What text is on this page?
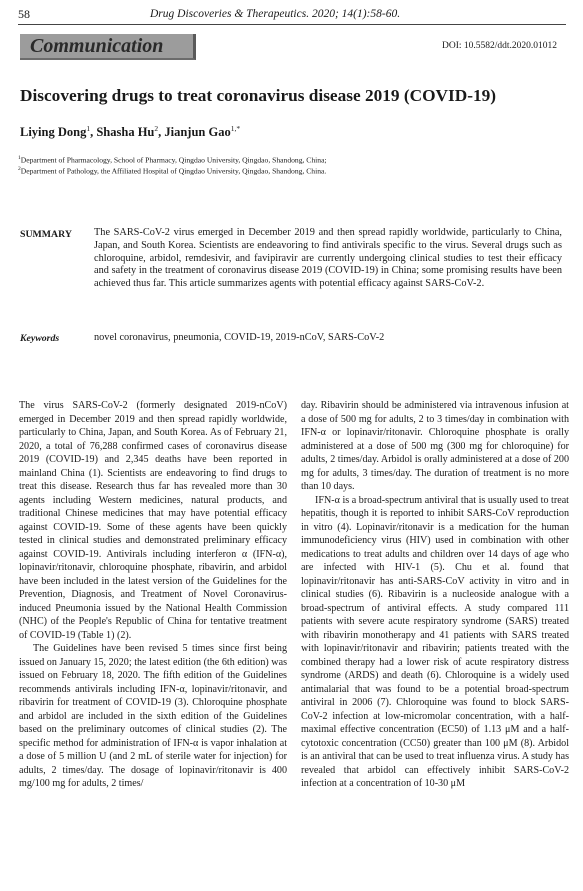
58	Drug Discoveries & Therapeutics. 2020; 14(1):58-60.
Communication	DOI: 10.5582/ddt.2020.01012
Discovering drugs to treat coronavirus disease 2019 (COVID-19)
Liying Dong$^1$, Shasha Hu$^2$, Jianjun Gao$^{1,*}$
$^1$Department of Pharmacology, School of Pharmacy, Qingdao University, Qingdao, Shandong, China;
$^2$Department of Pathology, the Affiliated Hospital of Qingdao University, Qingdao, Shandong, China.
SUMMARY The SARS-CoV-2 virus emerged in December 2019 and then spread rapidly worldwide, particularly to China, Japan, and South Korea. Scientists are endeavoring to find antivirals specific to the virus. Several drugs such as chloroquine, arbidol, remdesivir, and favipiravir are currently undergoing clinical studies to test their efficacy and safety in the treatment of coronavirus disease 2019 (COVID-19) in China; some promising results have been achieved thus far. This article summarizes agents with potential efficacy against SARS-CoV-2.
Keywords	novel coronavirus, pneumonia, COVID-19, 2019-nCoV, SARS-CoV-2

The virus SARS-CoV-2 (formerly designated 2019-nCoV) emerged in December 2019 and then spread rapidly worldwide, particularly to China, Japan, and South Korea. As of February 21, 2020, a total of 76,288 confirmed cases of coronavirus disease 2019 (COVID-19) and 2,345 deaths have been reported in mainland China (1). Scientists are endeavoring to find drugs to treat this disease. Research thus far has revealed more than 30 agents including Western medicines, natural products, and traditional Chinese medicines that may have potential efficacy against COVID-19. Some of these agents have been quickly tested in clinical studies and demonstrated preliminary efficacy against COVID-19. Antivirals including interferon α (IFN-α), lopinavir/ritonavir, chloroquine phosphate, ribavirin, and arbidol have been included in the latest version of the Guidelines for the Prevention, Diagnosis, and Treatment of Novel Coronavirus-induced Pneumonia issued by the National Health Commission (NHC) of the People's Republic of China for tentative treatment of COVID-19 (Table 1) (2).

The Guidelines have been revised 5 times since first being issued on January 15, 2020; the latest edition (the 6th edition) was issued on February 18, 2020. The fifth edition of the Guidelines recommends antivirals including IFN-α, lopinavir/ritonavir, and ribavirin for treatment of COVID-19 (3). Chloroquine phosphate and arbidol are included in the sixth edition of the Guidelines based on the preliminary outcomes of clinical studies (2). The specific method for administration of IFN-α is vapor inhalation at a dose of 5 million U (and 2 mL of sterile water for injection) for adults, 2 times/day. The dosage of lopinavir/ritonavir is 400 mg/100 mg for adults, 2 times/

day. Ribavirin should be administered via intravenous infusion at a dose of 500 mg for adults, 2 to 3 times/day in combination with IFN-α or lopinavir/ritonavir. Chloroquine phosphate is orally administered at a dose of 500 mg (300 mg for chloroquine) for adults, 2 times/day. Arbidol is orally administered at a dose of 200 mg for adults, 3 times/day. The duration of treatment is no more than 10 days.

IFN-α is a broad-spectrum antiviral that is usually used to treat hepatitis, though it is reported to inhibit SARS-CoV reproduction in vitro (4). Lopinavir/ritonavir is a medication for the human immunodeficiency virus (HIV) used in combination with other medications to treat adults and children over 14 days of age who are infected with HIV-1 (5). Chu et al. found that lopinavir/ritonavir has anti-SARS-CoV activity in vitro and in clinical studies (6). Ribavirin is a nucleoside analogue with a broad-spectrum of antiviral effects. A study compared 111 patients with severe acute respiratory syndrome (SARS) treated with ribavirin monotherapy and 41 patients with SARS treated with lopinavir/ritonavir and ribavirin; patients treated with the combined therapy had a lower risk of acute respiratory distress syndrome (ARDS) and death (6). Chloroquine is a widely used antimalarial that was found to be a potential broad-spectrum antiviral in 2006 (7). Chloroquine was found to block SARS-CoV-2 infection at low-micromolar concentration, with a half-maximal effective concentration (EC50) of 1.13 μM and a half-cytotoxic concentration (CC50) greater than 100 μM (8). Arbidol is an antiviral that can be used to treat influenza virus. A study has revealed that arbidol can effectively inhibit SARS-CoV-2 infection at a concentration of 10-30 μM
